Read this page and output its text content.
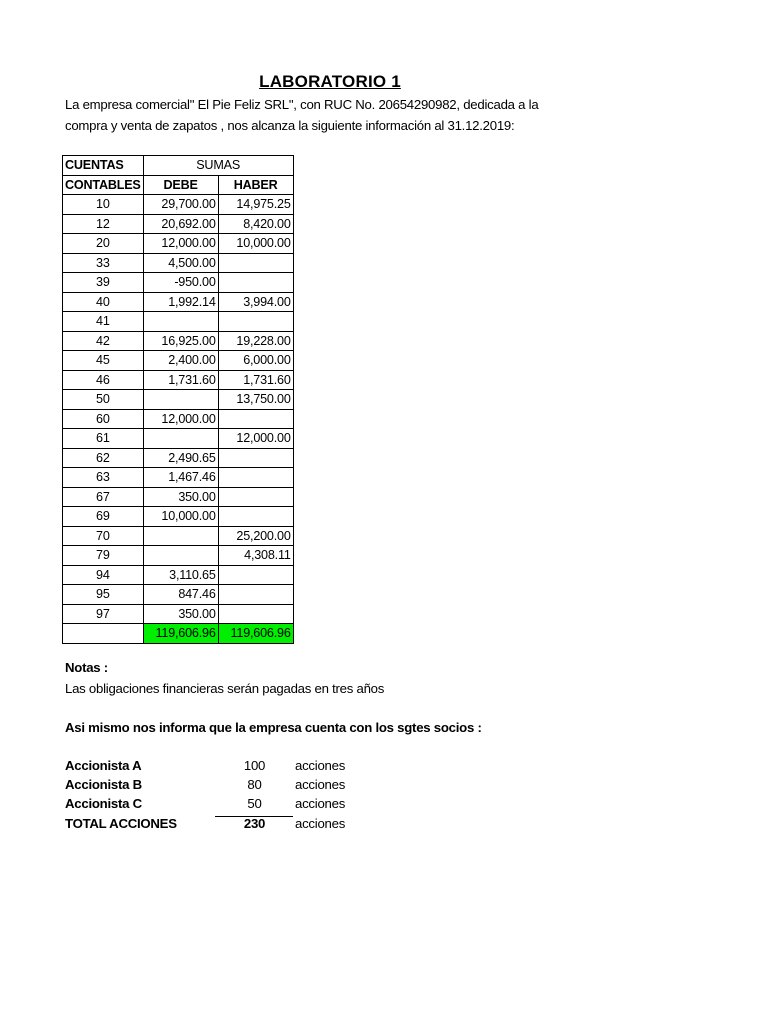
LABORATORIO 1
La empresa comercial" El Pie Feliz SRL", con RUC No. 20654290982, dedicada a la
compra y venta de zapatos , nos alcanza la siguiente información al 31.12.2019:
CUENTAS	SUMAS	
CONTABLES	DEBE	HABER
10	29,700.00	14,975.25
12	20,692.00	8,420.00
20	12,000.00	10,000.00
33	4,500.00	
39	-950.00	
40	1,992.14	3,994.00
41		
42	16,925.00	19,228.00
45	2,400.00	6,000.00
46	1,731.60	1,731.60
50		13,750.00
60	12,000.00	
61		12,000.00
62	2,490.65	
63	1,467.46	
67	350.00	
69	10,000.00	
70		25,200.00
79		4,308.11
94	3,110.65	
95	847.46	
97	350.00	
	119,606.96	119,606.96
Notas :
Las obligaciones financieras serán pagadas en tres años
Asi mismo nos informa que la empresa cuenta con los sgtes socios :
Accionista A	100	acciones
Accionista B	80	acciones
Accionista C	50	acciones
TOTAL ACCIONES	230	acciones
